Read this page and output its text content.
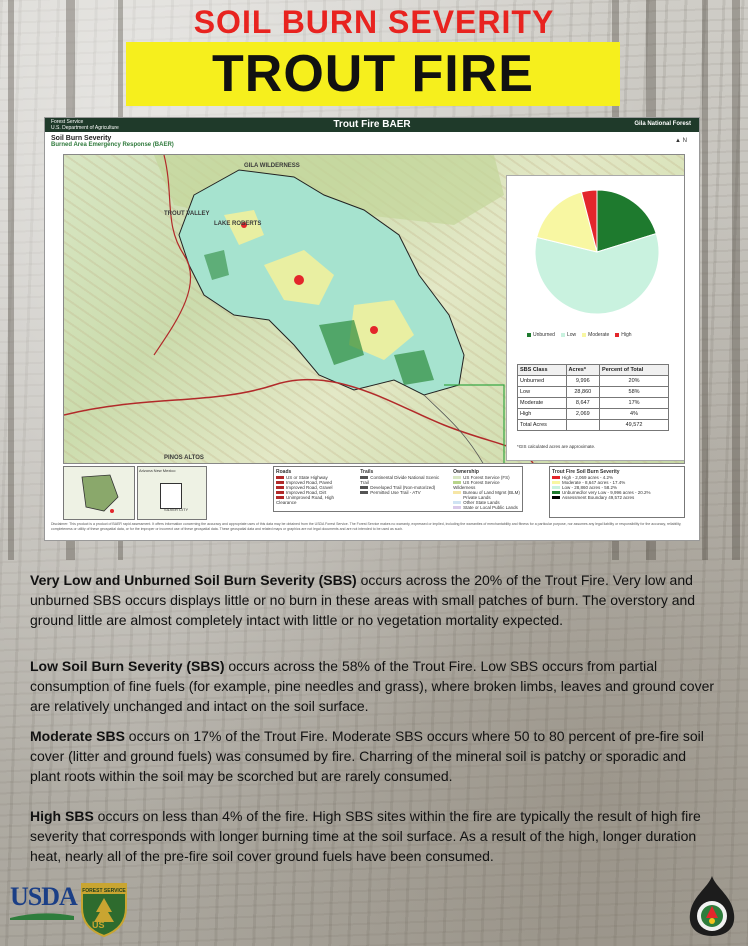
SOIL BURN SEVERITY
TROUT FIRE
Forest Service
U.S. Department of Agriculture	Trout Fire BAER	Gila National Forest
Soil Burn Severity
Burned Area Emergency Response (BAER)
▲ N
GILA WILDERNESS
TROUT VALLEY
LAKE ROBERTS
PINOS ALTOS
Unburned	Low	Moderate	High
SBS Class	Acres*	Percent of Total
Unburned	9,996	20%
Low	28,860	58%
Moderate	8,647	17%
High	2,069	4%
Total Acres		49,572
*GIS calculated acres are approximate.
Arizona New Mexico
SILVER CITY
Roads
US or State Highway
Improved Road, Paved
Improved Road, Gravel
Improved Road, Dirt
Unimproved Road, High Clearance
Trails
Continental Divide National Scenic Trail
Developed Trail (Non-motorized)
Permitted Use Trail - ATV
Ownership
US Forest Service (FS)
US Forest Service Wilderness
Bureau of Land Mgmt (BLM)
Private Lands
Other State Lands
State or Local Public Lands
Trout Fire Soil Burn Severity
High - 2,069 acres - 4.2%
Moderate - 8,647 acres - 17.4%
Low - 28,860 acres - 58.2%
Unburned/or very Low - 9,996 acres - 20.2%
Assessment Boundary 49,572 acres
Disclaimer: This product is a product of BAER rapid assessment. It offers information concerning the accuracy and appropriate uses of this data may be obtained from the USDA Forest Service. The Forest Service makes no warranty, expressed or implied, including the warranties of merchantability and fitness for a particular purpose, nor assumes any legal liability or responsibility for the accuracy, reliability, completeness or utility of these geospatial data, or for the improper or incorrect use of these geospatial data. These geospatial data and related maps or graphics are not legal documents and are not intended to be used as such.
Very Low and Unburned Soil Burn Severity (SBS) occurs across the 20% of the Trout Fire. Very low and unburned SBS occurs displays little or no burn in these areas with small patches of burn. The overstory and ground little are almost completely intact with little or no vegetation mortality expected.
Low Soil Burn Severity (SBS) occurs across the 58% of the Trout Fire. Low SBS occurs from partial consumption of fine fuels (for example, pine needles and grass), where broken limbs, leaves and ground cover are relatively unchanged and intact on the soil surface.
Moderate SBS occurs on 17% of the Trout Fire. Moderate SBS occurs where 50 to 80 percent of pre-fire soil cover (litter and ground fuels) was consumed by fire. Charring of the mineral soil is patchy or sporadic and plant roots within the soil may be scorched but are rarely consumed.
High SBS occurs on less than 4% of the fire. High SBS sites within the fire are typically the result of high fire severity that corresponds with longer burning time at the soil surface. As a result of the high, longer duration heat, nearly all of the pre-fire soil cover ground fuels have been consumed.
USDA FOREST SERVICE
US
